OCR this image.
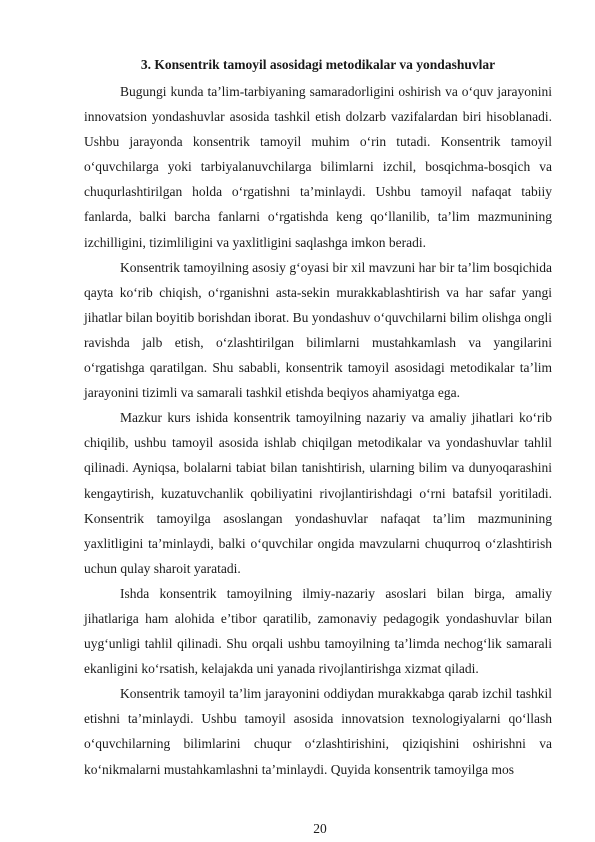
3. Konsentrik tamoyil asosidagi metodikalar va yondashuvlar

Bugungi kunda ta’lim-tarbiyaning samaradorligini oshirish va o‘quv jarayonini innovatsion yondashuvlar asosida tashkil etish dolzarb vazifalardan biri hisoblanadi. Ushbu jarayonda konsentrik tamoyil muhim o‘rin tutadi. Konsentrik tamoyil o‘quvchilarga yoki tarbiyalanuvchilarga bilimlarni izchil, bosqichma-bosqich va chuqurlashtirilgan holda o‘rgatishni ta’minlaydi. Ushbu tamoyil nafaqat tabiiy fanlarda, balki barcha fanlarni o‘rgatishda keng qo‘llanilib, ta’lim mazmunining izchilligini, tizimliligini va yaxlitligini saqlashga imkon beradi.

Konsentrik tamoyilning asosiy g‘oyasi bir xil mavzuni har bir ta’lim bosqichida qayta ko‘rib chiqish, o‘rganishni asta-sekin murakkablashtirish va har safar yangi jihatlar bilan boyitib borishdan iborat. Bu yondashuv o‘quvchilarni bilim olishga ongli ravishda jalb etish, o‘zlashtirilgan bilimlarni mustahkamlash va yangilarini o‘rgatishga qaratilgan. Shu sababli, konsentrik tamoyil asosidagi metodikalar ta’lim jarayonini tizimli va samarali tashkil etishda beqiyos ahamiyatga ega.

Mazkur kurs ishida konsentrik tamoyilning nazariy va amaliy jihatlari ko‘rib chiqilib, ushbu tamoyil asosida ishlab chiqilgan metodikalar va yondashuvlar tahlil qilinadi. Ayniqsa, bolalarni tabiat bilan tanishtirish, ularning bilim va dunyoqarashini kengaytirish, kuzatuvchanlik qobiliyatini rivojlantirishdagi o‘rni batafsil yoritiladi. Konsentrik tamoyilga asoslangan yondashuvlar nafaqat ta’lim mazmunining yaxlitligini ta’minlaydi, balki o‘quvchilar ongida mavzularni chuqurroq o‘zlashtirish uchun qulay sharoit yaratadi.

Ishda konsentrik tamoyilning ilmiy-nazariy asoslari bilan birga, amaliy jihatlariga ham alohida e’tibor qaratilib, zamonaviy pedagogik yondashuvlar bilan uyg‘unligi tahlil qilinadi. Shu orqali ushbu tamoyilning ta’limda nechog‘lik samarali ekanligini ko‘rsatish, kelajakda uni yanada rivojlantirishga xizmat qiladi.

Konsentrik tamoyil ta’lim jarayonini oddiydan murakkabga qarab izchil tashkil etishni ta’minlaydi. Ushbu tamoyil asosida innovatsion texnologiyalarni qo‘llash o‘quvchilarning bilimlarini chuqur o‘zlashtirishini, qiziqishini oshirishni va ko‘nikmalarni mustahkamlashni ta’minlaydi. Quyida konsentrik tamoyilga mos

20
